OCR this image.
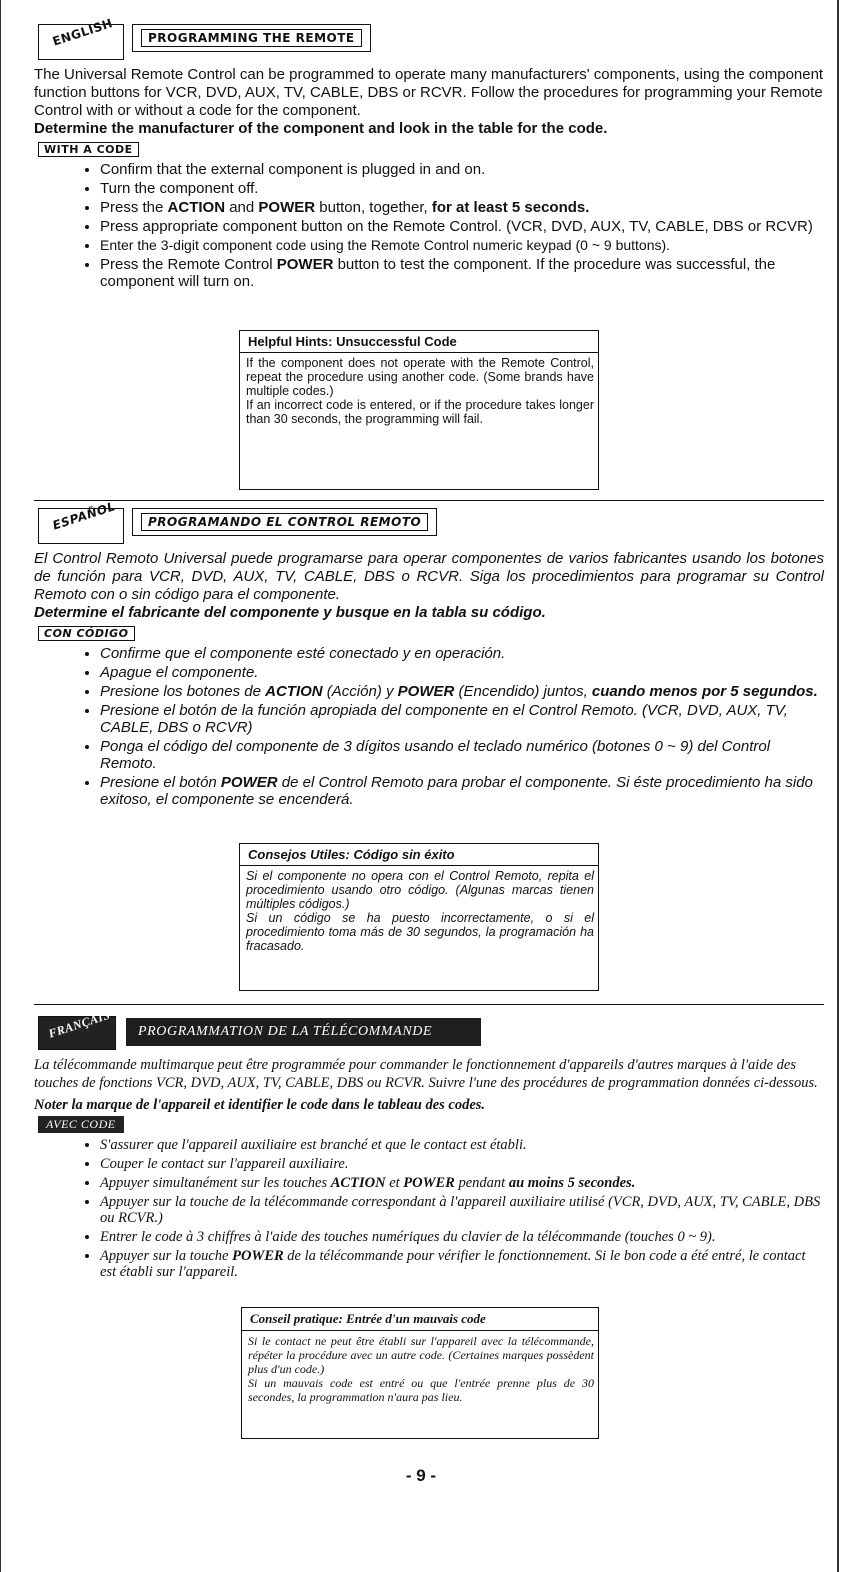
ENGLISH	PROGRAMMING THE REMOTE

The Universal Remote Control can be programmed to operate many manufacturers' components, using the component function buttons for VCR, DVD, AUX, TV, CABLE, DBS or RCVR. Follow the procedures for programming your Remote Control with or without a code for the component.

Determine the manufacturer of the component and look in the table for the code.

WITH A CODE
• Confirm that the external component is plugged in and on.
• Turn the component off.
• Press the ACTION and POWER button, together, for at least 5 seconds.
• Press appropriate component button on the Remote Control. (VCR, DVD, AUX, TV, CABLE, DBS or RCVR)
• Enter the 3-digit component code using the Remote Control numeric keypad (0 ~ 9 buttons).
• Press the Remote Control POWER button to test the component. If the procedure was successful, the component will turn on.
Helpful Hints: Unsuccessful Code
If the component does not operate with the Remote Control, repeat the procedure using another code. (Some brands have multiple codes.)
If an incorrect code is entered, or if the procedure takes longer than 30 seconds, the programming will fail.
ESPAÑOL	PROGRAMANDO EL CONTROL REMOTO

El Control Remoto Universal puede programarse para operar componentes de varios fabricantes usando los botones de función para VCR, DVD, AUX, TV, CABLE, DBS o RCVR. Siga los procedimientos para programar su Control Remoto con o sin código para el componente.

Determine el fabricante del componente y busque en la tabla su código.

CON CÓDIGO
• Confirme que el componente esté conectado y en operación.
• Apague el componente.
• Presione los botones de ACTION (Acción) y POWER (Encendido) juntos, cuando menos por 5 segundos.
• Presione el botón de la función apropiada del componente en el Control Remoto. (VCR, DVD, AUX, TV, CABLE, DBS o RCVR)
• Ponga el código del componente de 3 dígitos usando el teclado numérico (botones 0 ~ 9) del Control Remoto.
• Presione el botón POWER de el Control Remoto para probar el componente. Si éste procedimiento ha sido exitoso, el componente se encenderá.
Consejos Utiles: Código sin éxito
Si el componente no opera con el Control Remoto, repita el procedimiento usando otro código. (Algunas marcas tienen múltiples códigos.)
Si un código se ha puesto incorrectamente, o si el procedimiento toma más de 30 segundos, la programación ha fracasado.
FRANÇAIS PROGRAMMATION DE LA TÉLÉCOMMANDE

La télécommande multimarque peut être programmée pour commander le fonctionnement d'appareils d'autres marques à l'aide des touches de fonctions VCR, DVD, AUX, TV, CABLE, DBS ou RCVR. Suivre l'une des procédures de programmation données ci-dessous.

Noter la marque de l'appareil et identifier le code dans le tableau des codes.

AVEC CODE
• S'assurer que l'appareil auxiliaire est branché et que le contact est établi.
• Couper le contact sur l'appareil auxiliaire.
• Appuyer simultanément sur les touches ACTION et POWER pendant au moins 5 secondes.
• Appuyer sur la touche de la télécommande correspondant à l'appareil auxiliaire utilisé (VCR, DVD, AUX, TV, CABLE, DBS ou RCVR.)
• Entrer le code à 3 chiffres à l'aide des touches numériques du clavier de la télécommande (touches 0 ~ 9).
• Appuyer sur la touche POWER de la télécommande pour vérifier le fonctionnement. Si le bon code a été entré, le contact est établi sur l'appareil.
Conseil pratique: Entrée d'un mauvais code
Si le contact ne peut être établi sur l'appareil avec la télécommande, répéter la procédure avec un autre code. (Certaines marques possèdent plus d'un code.)
Si un mauvais code est entré ou que l'entrée prenne plus de 30 secondes, la programmation n'aura pas lieu.
- 9 -
